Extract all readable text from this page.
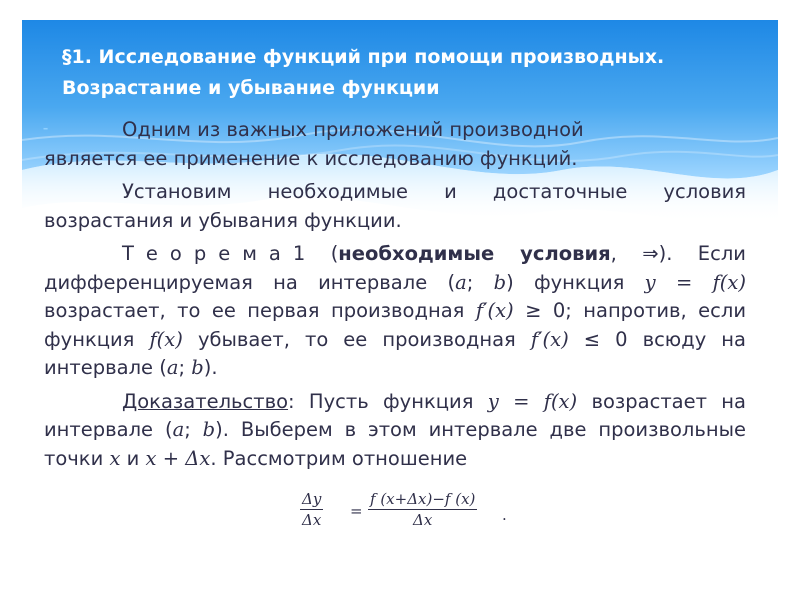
§1. Исследование функций при помощи производных.
Возрастание и убывание функции

⁃	Одним из важных приложений производной
является ее применение к исследованию функций.

Установим необходимые и достаточные условия возрастания и убывания функции.

Теорема1 (необходимые условия, ⇒). Если дифференцируемая на интервале (a; b) функция y = f(x) возрастает, то ее первая производная f′(x) ≥ 0; напротив, если функция f(x) убывает, то ее производная f′(x) ≤ 0 всюду на интервале (a; b).

Доказательство: Пусть функция y = f(x) возрастает на интервале (a; b). Выберем в этом интервале две произвольные точки x и x + Δx. Рассмотрим отношение

$\frac{\Delta y}{\Delta x} = \frac{f (x+\Delta x)-f (x)}{\Delta x}$ .
